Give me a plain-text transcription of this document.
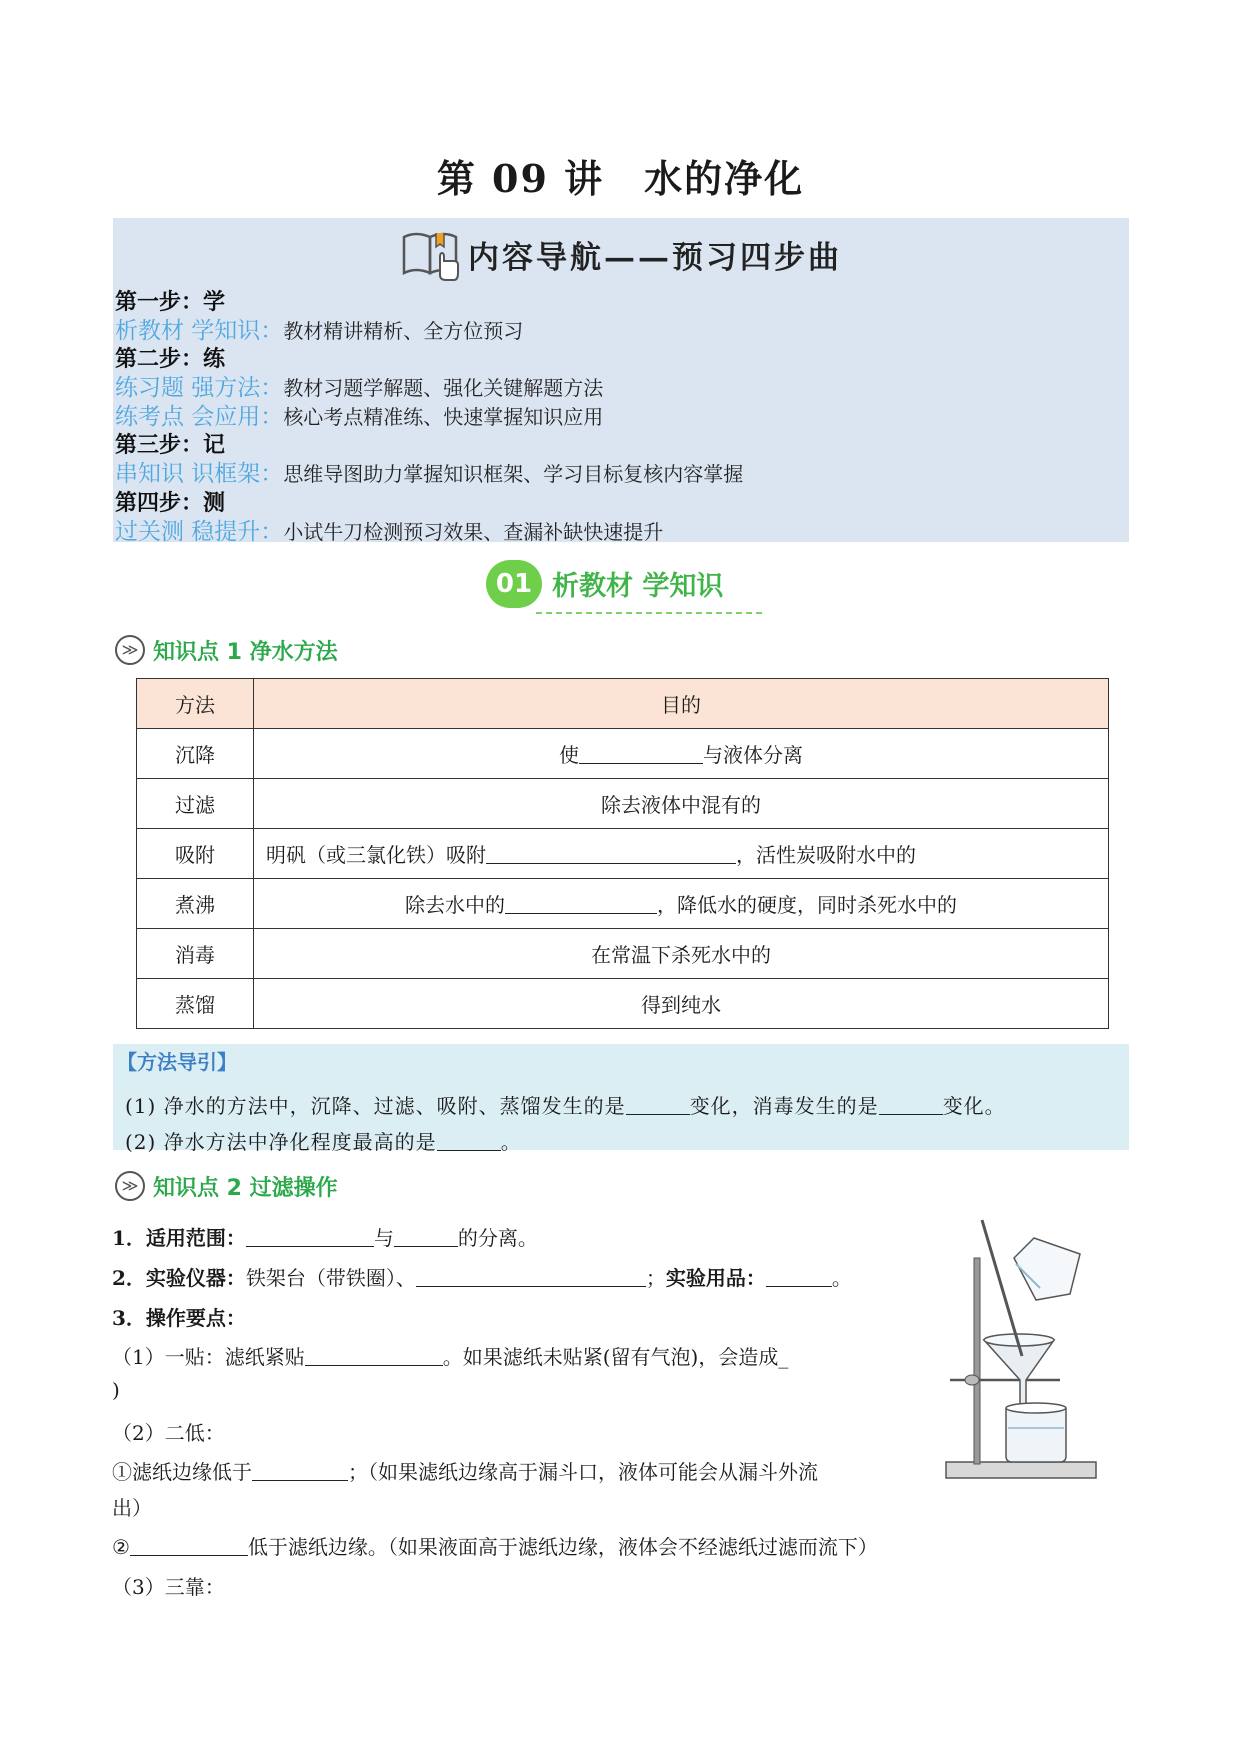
第 09 讲　水的净化
内容导航——预习四步曲
第一步：学
析教材 学知识：教材精讲精析、全方位预习
第二步：练
练习题 强方法：教材习题学解题、强化关键解题方法
练考点 会应用：核心考点精准练、快速掌握知识应用
第三步：记
串知识 识框架：思维导图助力掌握知识框架、学习目标复核内容掌握
第四步：测
过关测 稳提升：小试牛刀检测预习效果、查漏补缺快速提升
01 析教材 学知识
≫ 知识点 1 净水方法
方法	目的
沉降	使 与液体分离
过滤	除去液体中混有的
吸附	明矾（或三氯化铁）吸附 ，活性炭吸附水中的
煮沸	除去水中的 ，降低水的硬度，同时杀死水中的
消毒	在常温下杀死水中的
蒸馏	得到纯水
【方法导引】
(1) 净水的方法中，沉降、过滤、吸附、蒸馏发生的是	变化，消毒发生的是	变化。
(2) 净水方法中净化程度最高的是	。
≫ 知识点 2 过滤操作
1．适用范围：	与	的分离。
2．实验仪器：铁架台（带铁圈）、	；实验用品：	。
3．操作要点：
（1）一贴：滤纸紧贴	。如果滤纸未贴紧(留有气泡)，会造成_
)
（2）二低：
①滤纸边缘低于	；（如果滤纸边缘高于漏斗口，液体可能会从漏斗外流
出）
②	低于滤纸边缘。（如果液面高于滤纸边缘，液体会不经滤纸过滤而流下）
（3）三靠：
